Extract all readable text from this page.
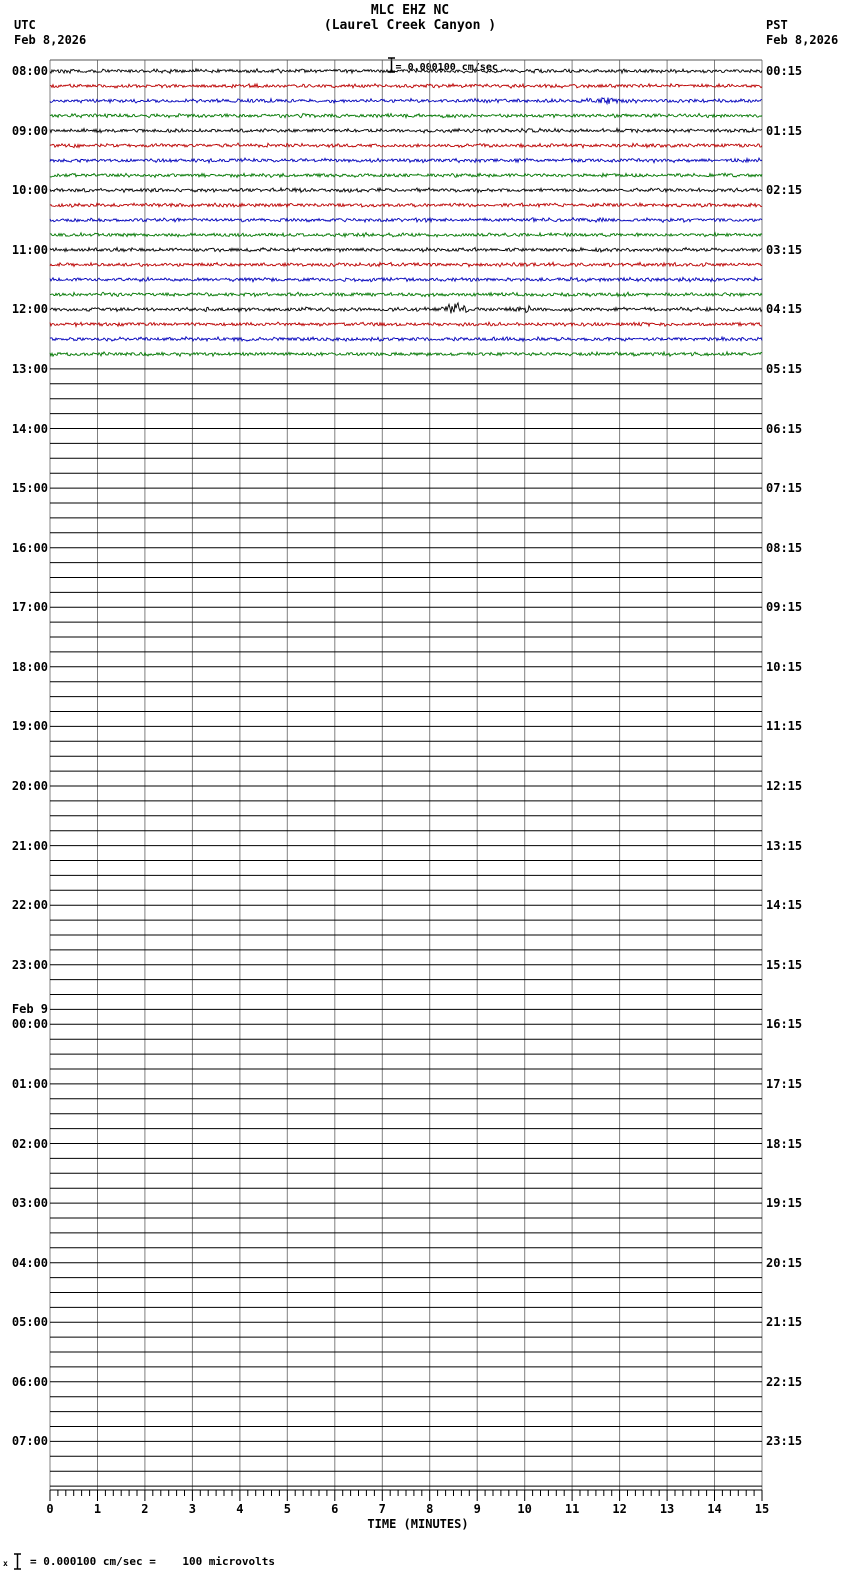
UTC
Feb 8,2026
PST
Feb 8,2026
MLC EHZ NC
(Laurel Creek Canyon )

= 0.000100 cm/sec

08:00
09:00
10:00
11:00
12:00
13:00
14:00
15:00
16:00
17:00
18:00
19:00
20:00
21:00
22:00
23:00
Feb 9
00:00
01:00
02:00
03:00
04:00
05:00
06:00
07:00
00:15
01:15
02:15
03:15
04:15
05:15
06:15
07:15
08:15
09:15
10:15
11:15
12:15
13:15
14:15
15:15
16:15
17:15
18:15
19:15
20:15
21:15
22:15
23:15
0	1	2	3	4	5	6	7	8	9	10	11	12	13	14	15
TIME (MINUTES)
x = 0.000100 cm/sec =    100 microvolts
